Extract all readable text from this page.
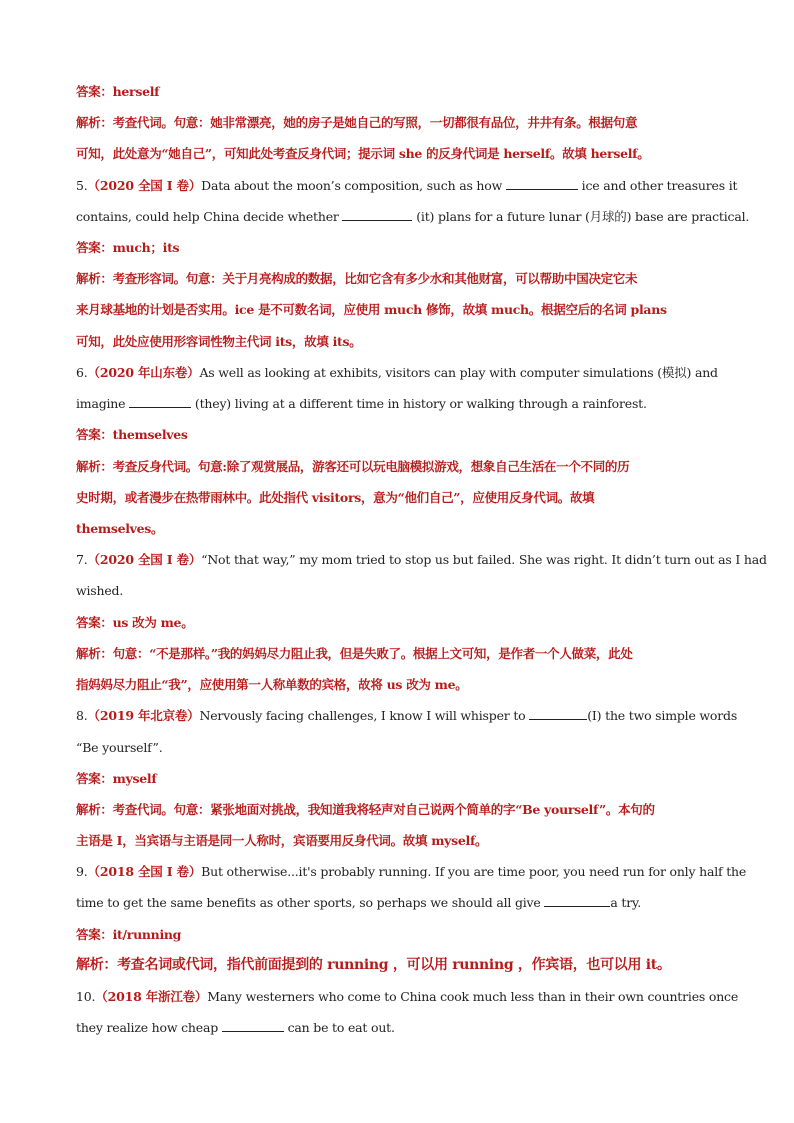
答案：herself
解析：考查代词。句意：她非常漂亮，她的房子是她自己的写照，一切都很有品位，井井有条。根据句意
可知，此处意为“她自己”，可知此处考查反身代词；提示词 she 的反身代词是 herself。故填 herself。
5.（2020 全国 I 卷）Data about the moon’s composition, such as how	ice and other treasures it
contains, could help China decide whether	(it) plans for a future lunar (月球的) base are practical.
答案：much；its
解析：考查形容词。句意：关于月亮构成的数据，比如它含有多少水和其他财富，可以帮助中国决定它未
来月球基地的计划是否实用。ice 是不可数名词，应使用 much 修饰，故填 much。根据空后的名词 plans
可知，此处应使用形容词性物主代词 its，故填 its。
6.（2020 年山东卷）As well as looking at exhibits, visitors can play with computer simulations (模拟) and
imagine	(they) living at a different time in history or walking through a rainforest.
答案：themselves
解析：考查反身代词。句意:除了观赏展品，游客还可以玩电脑模拟游戏，想象自己生活在一个不同的历
史时期，或者漫步在热带雨林中。此处指代 visitors，意为“他们自己”，应使用反身代词。故填
themselves。
7.（2020 全国 I 卷）“Not that way,” my mom tried to stop us but failed. She was right. It didn’t turn out as I had
wished.
答案：us 改为 me。
解析：句意：“不是那样。”我的妈妈尽力阻止我，但是失败了。根据上文可知，是作者一个人做菜，此处
指妈妈尽力阻止“我”，应使用第一人称单数的宾格，故将 us 改为 me。
8.（2019 年北京卷）Nervously facing challenges, I know I will whisper to	(I) the two simple words
“Be yourself”.
答案：myself
解析：考查代词。句意：紧张地面对挑战，我知道我将轻声对自己说两个简单的字“Be yourself”。本句的
主语是 I，当宾语与主语是同一人称时，宾语要用反身代词。故填 myself。
9.（2018 全国 I 卷）But otherwise...it's probably running. If you are time poor, you need run for only half the
time to get the same benefits as other sports, so perhaps we should all give	a try.
答案：it/running
解析：考查名词或代词，指代前面提到的 running ，可以用 running ，作宾语，也可以用 it。
10.（2018 年浙江卷）Many westerners who come to China cook much less than in their own countries once
they realize how cheap	can be to eat out.
